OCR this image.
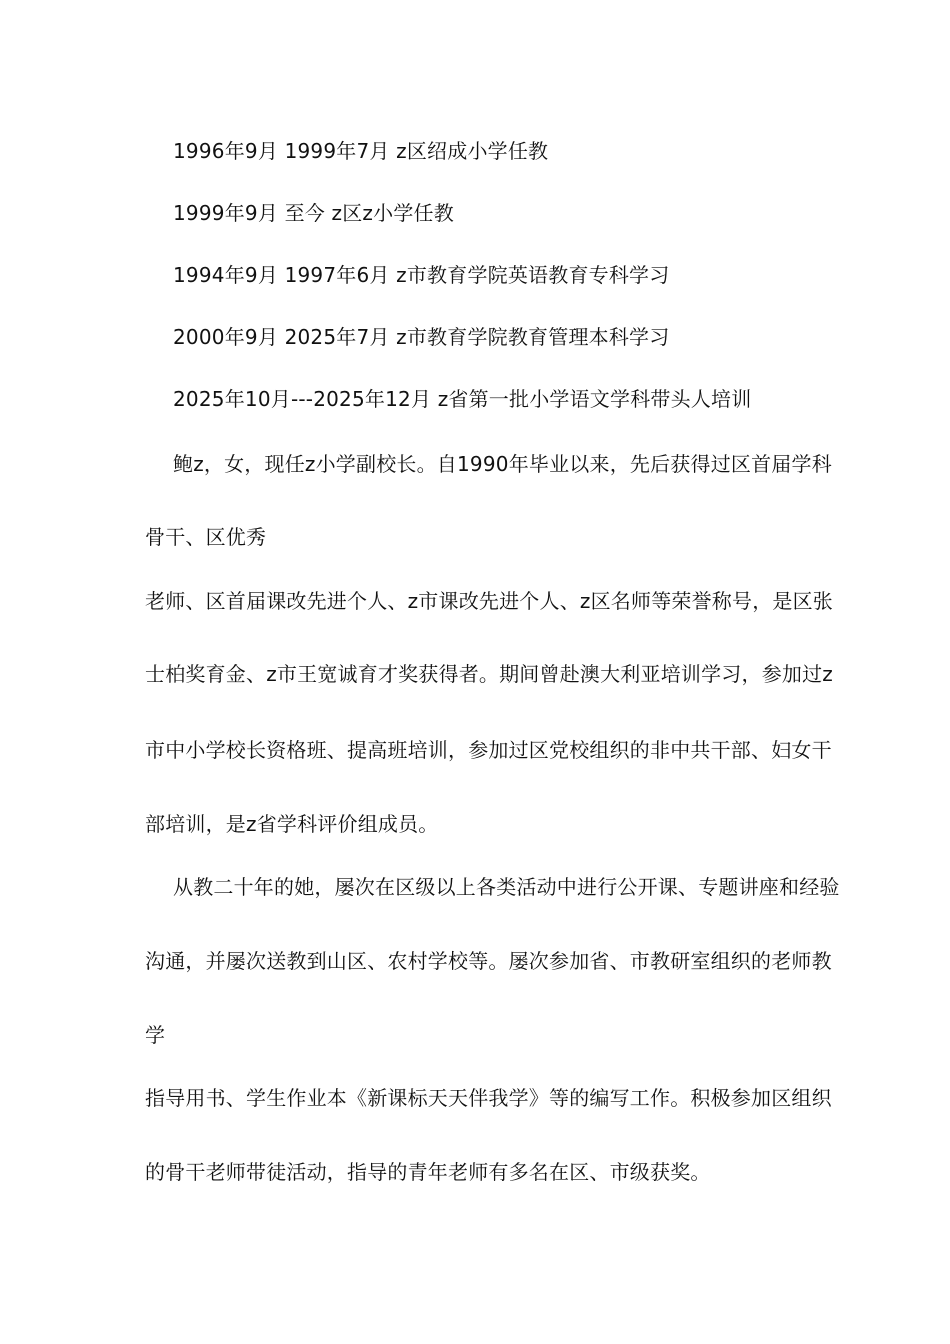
1996年9月 1999年7月 z区绍成小学任教
1999年9月 至今 z区z小学任教
1994年9月 1997年6月 z市教育学院英语教育专科学习
2000年9月 2025年7月 z市教育学院教育管理本科学习
2025年10月---2025年12月 z省第一批小学语文学科带头人培训
鲍z，女，现任z小学副校长。自1990年毕业以来，先后获得过区首届学科
骨干、区优秀
老师、区首届课改先进个人、z市课改先进个人、z区名师等荣誉称号，是区张
士柏奖育金、z市王宽诚育才奖获得者。期间曾赴澳大利亚培训学习，参加过z
市中小学校长资格班、提高班培训，参加过区党校组织的非中共干部、妇女干
部培训，是z省学科评价组成员。
从教二十年的她，屡次在区级以上各类活动中进行公开课、专题讲座和经验
沟通，并屡次送教到山区、农村学校等。屡次参加省、市教研室组织的老师教
学
指导用书、学生作业本《新课标天天伴我学》等的编写工作。积极参加区组织
的骨干老师带徒活动，指导的青年老师有多名在区、市级获奖。
